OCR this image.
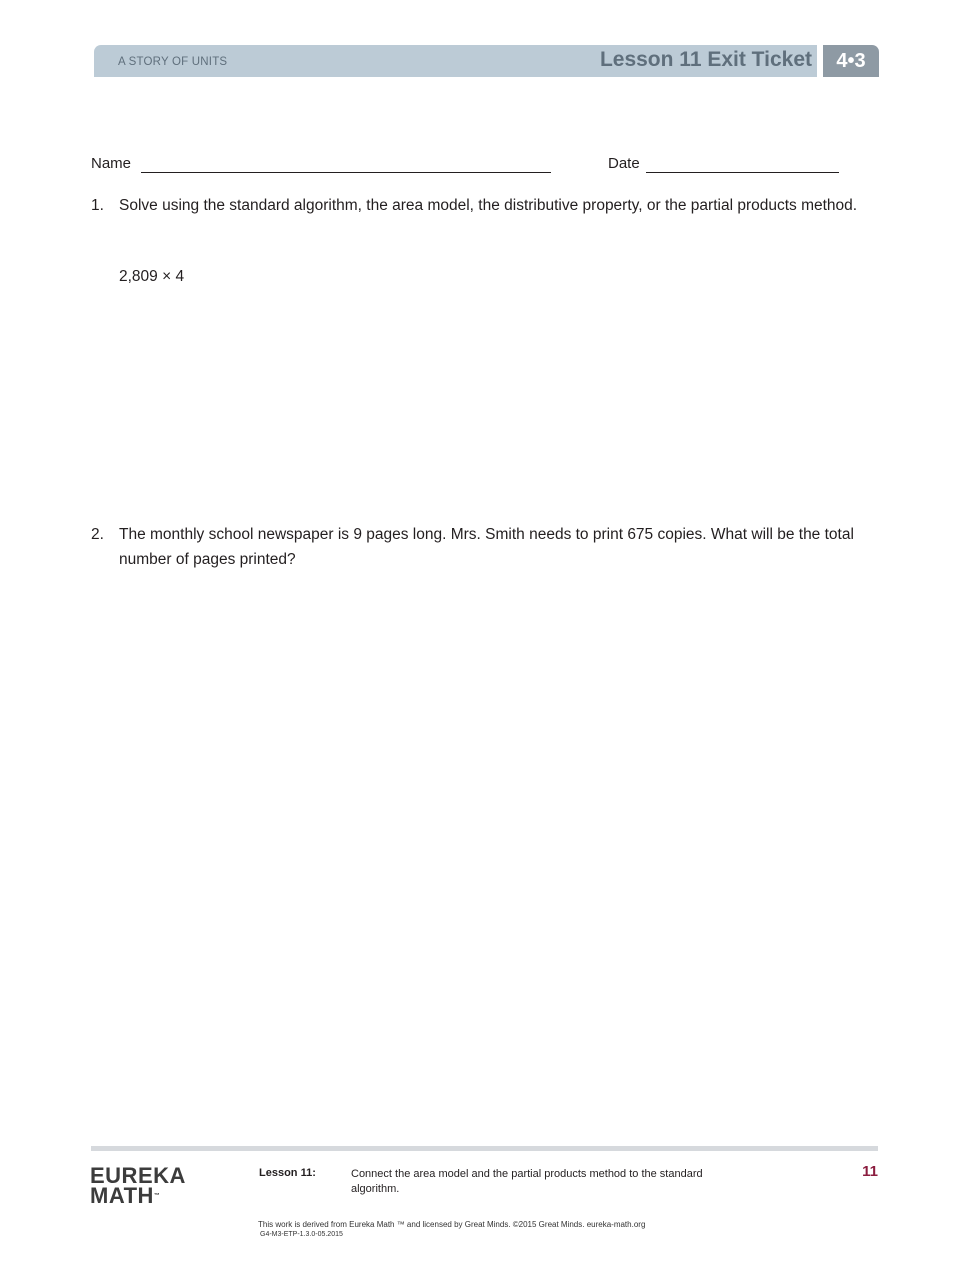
A STORY OF UNITS	Lesson 11 Exit Ticket	4•3
Name	Date
1. Solve using the standard algorithm, the area model, the distributive property, or the partial products method.
2,809 × 4
2. The monthly school newspaper is 9 pages long. Mrs. Smith needs to print 675 copies. What will be the total number of pages printed?
EUREKA
MATH™
Lesson 11:	Connect the area model and the partial products method to the standard algorithm.
11
This work is derived from Eureka Math ™ and licensed by Great Minds. ©2015 Great Minds. eureka-math.org
G4-M3-ETP-1.3.0-05.2015
